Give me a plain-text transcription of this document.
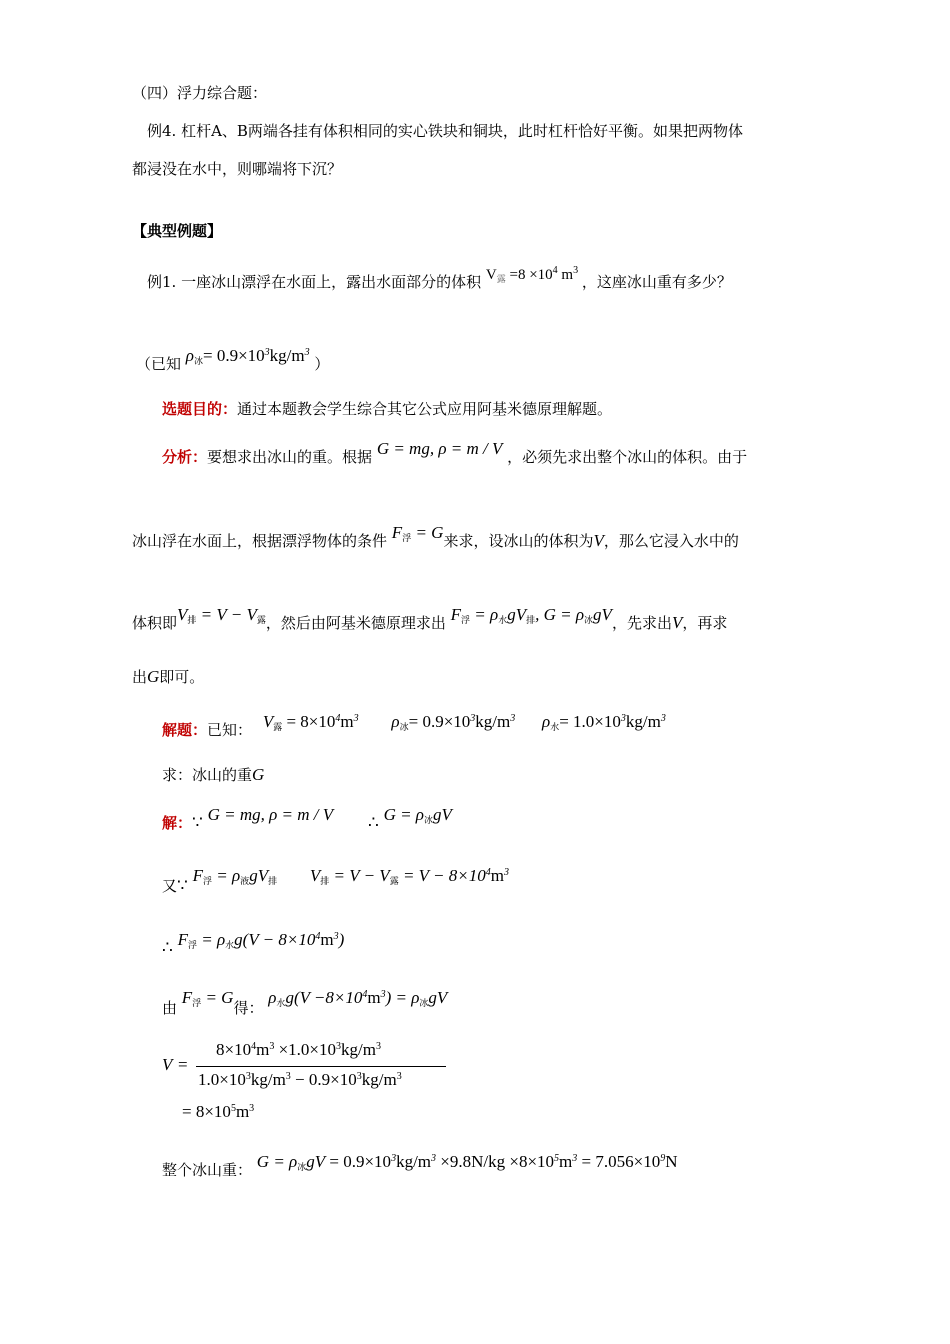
（四）浮力综合题：
例4. 杠杆A、B两端各挂有体积相同的实心铁块和铜块，此时杠杆恰好平衡。如果把两物体
都浸没在水中，则哪端将下沉？
【典型例题】
例1. 一座冰山漂浮在水面上，露出水面部分的体积 $V_露 =8 \times 10^4$ $m^3$ ，这座冰山重有多少？
（已知 $\rho_冰= 0.9\times 10^3kg/m^3$ ）
选题目的：通过本题教会学生综合其它公式应用阿基米德原理解题。
分析：要想求出冰山的重。根据 G = mg, ρ = m / V ，必须先求出整个冰山的体积。由于
冰山浮在水面上，根据漂浮物体的条件 $F_浮 = G$来求，设冰山的体积为V，那么它浸入水中的
体积即$V_排 = V - V_露$，然后由阿基米德原理求出 $F_浮 = \rho_水gV_排$, $G = \rho_冰gV$，先求出V，再求
出G即可。
解题：已知： $V_露 = 8\times 10^4m^3$ $\rho_冰= 0.9\times 10^3kg/m^3$ $\rho_水= 1.0\times 10^3kg/m^3$
求：冰山的重G
解：∵ G = mg, ρ = m / V ∴ $G = \rho_冰gV$
又∵ $F_浮 = \rho_液gV_排$ $V_排 = V - V_露 = V - 8\times 10^4m^3$
∴ $F_浮 = \rho_水g(V - 8\times 10^4m^3)$
由 $F_浮 = G$得： $\rho_水g(V -8\times 10^4m^3) = \rho_冰gV$
V =
$8\times 10^4m^3 \times 1.0\times 10^3kg/m^3$
$1.0\times 10^3kg/m^3 - 0.9\times 10^3kg/m^3$
= $8\times 10^5m^3$
整个冰山重： $G = \rho_冰gV = 0.9\times 10^3kg/m^3 \times 9.8N/kg \times 8\times 10^5m^3 = 7.056\times 10^9N$
